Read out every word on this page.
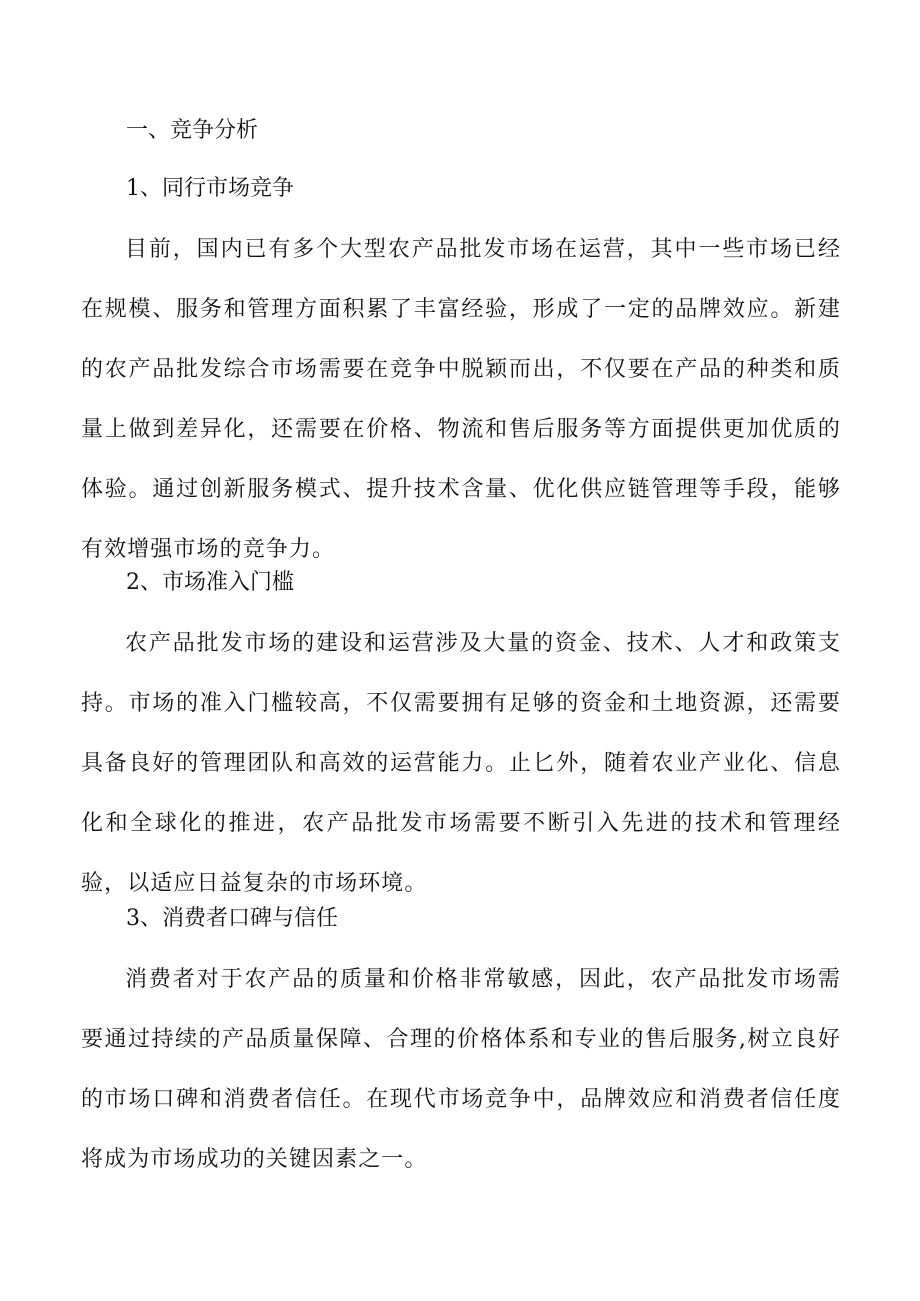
一、竞争分析
1、同行市场竞争
目前，国内已有多个大型农产品批发市场在运营，其中一些市场已经在规模、服务和管理方面积累了丰富经验，形成了一定的品牌效应。新建的农产品批发综合市场需要在竞争中脱颖而出，不仅要在产品的种类和质量上做到差异化，还需要在价格、物流和售后服务等方面提供更加优质的体验。通过创新服务模式、提升技术含量、优化供应链管理等手段，能够有效增强市场的竞争力。
2、市场准入门槛
农产品批发市场的建设和运营涉及大量的资金、技术、人才和政策支持。市场的准入门槛较高，不仅需要拥有足够的资金和土地资源，还需要具备良好的管理团队和高效的运营能力。止匕外，随着农业产业化、信息化和全球化的推进，农产品批发市场需要不断引入先进的技术和管理经验，以适应日益复杂的市场环境。
3、消费者口碑与信任
消费者对于农产品的质量和价格非常敏感，因此，农产品批发市场需要通过持续的产品质量保障、合理的价格体系和专业的售后服务,树立良好的市场口碑和消费者信任。在现代市场竞争中，品牌效应和消费者信任度将成为市场成功的关键因素之一。
